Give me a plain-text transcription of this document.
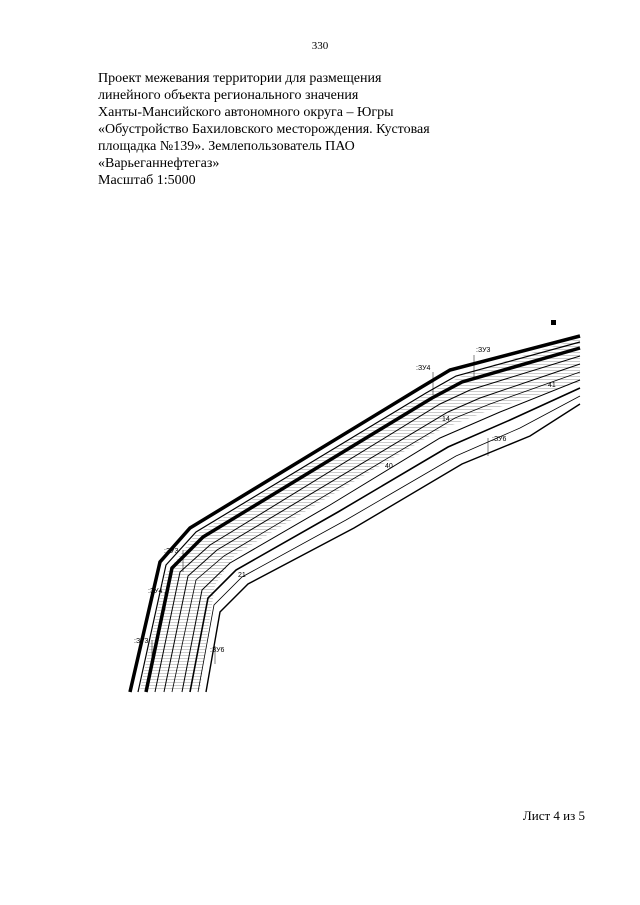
330
Проект межевания территории для размещения
линейного объекта регионального значения
Ханты-Мансийского автономного округа – Югры
«Обустройство Бахиловского месторождения. Кустовая
площадка №139». Землепользователь ПАО
«Варьеганнефтегаз»
Масштаб 1:5000
:ЗУ3
:ЗУ4
:ЗУ3
:ЗУ4
:ЗУ3
:ЗУ6
:ЗУ6
14
21
40
41
Лист 4 из 5
